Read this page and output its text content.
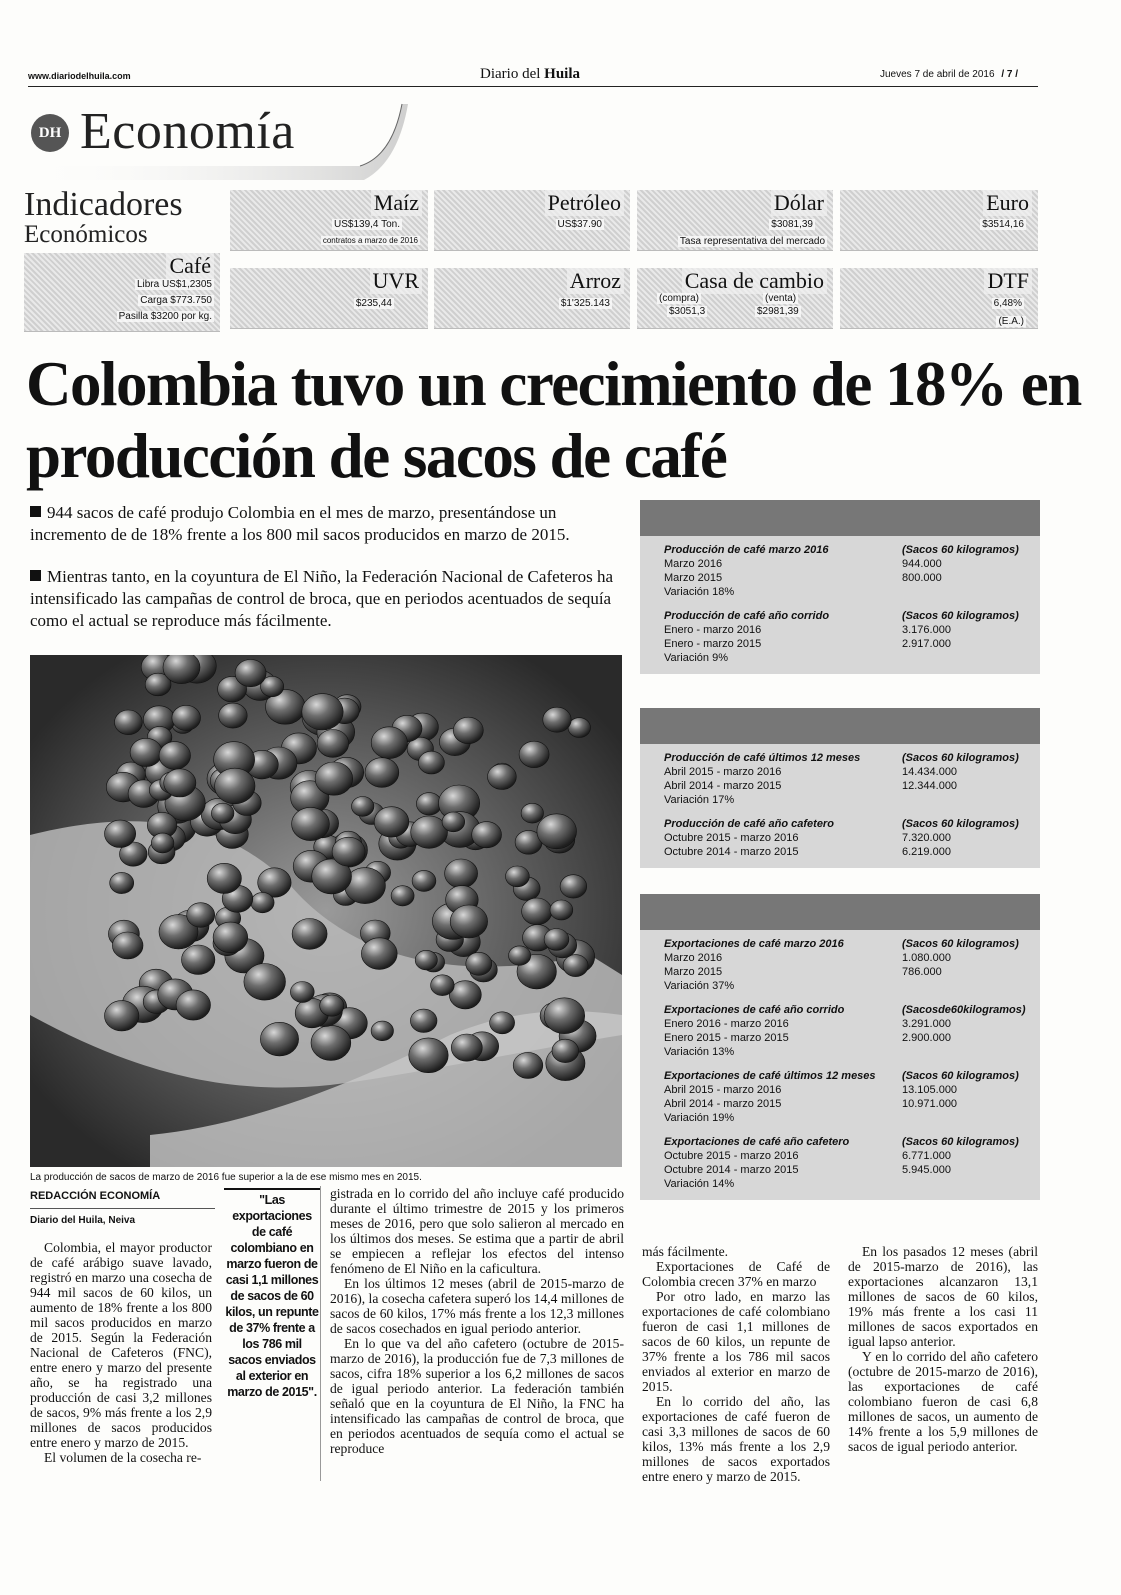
www.diariodelhuila.com	Diario del Huila	Jueves 7 de abril de 2016 / 7 /
DH Economía
Indicadores
Económicos
Café
Libra US$1,2305
Carga $773.750
Pasilla $3200 por kg.
Maíz
US$139,4 Ton.
contratos a marzo de 2016
Petróleo
US$37.90
Dólar
$3081,39
Tasa representativa del mercado
Euro
$3514,16
UVR
$235,44
Arroz
$1'325.143
Casa de cambio
(compra)
$3051,3
(venta)
$2981,39
DTF
6,48%
(E.A.)
Colombia tuvo un crecimiento de 18% en producción de sacos de café
944 sacos de café produjo Colombia en el mes de marzo, presentándose un incremento de de 18% frente a los 800 mil sacos producidos en marzo de 2015.
Mientras tanto, en la coyuntura de El Niño, la Federación Nacional de Cafeteros ha intensificado las campañas de control de broca, que en periodos acentuados de sequía como el actual se reproduce más fácilmente.
La producción de sacos de marzo de 2016 fue superior a la de ese mismo mes en 2015.
Producción de café marzo 2016	(Sacos 60 kilogramos)
Marzo 2016	944.000
Marzo 2015	800.000
Variación 18%
Producción de café año corrido	(Sacos 60 kilogramos)
Enero - marzo 2016	3.176.000
Enero - marzo 2015	2.917.000
Variación 9%
Producción de café últimos 12 meses	(Sacos 60 kilogramos)
Abril 2015 - marzo 2016	14.434.000
Abril 2014 - marzo 2015	12.344.000
Variación 17%
Producción de café año cafetero	(Sacos 60 kilogramos)
Octubre 2015 - marzo 2016	7.320.000
Octubre 2014 - marzo 2015	6.219.000
Exportaciones de café marzo 2016	(Sacos 60 kilogramos)
Marzo 2016	1.080.000
Marzo 2015	786.000
Variación 37%
Exportaciones de café año corrido	(Sacosde60kilogramos)
Enero 2016 - marzo 2016	3.291.000
Enero 2015 - marzo 2015	2.900.000
Variación 13%
Exportaciones de café últimos 12 meses (Sacos 60 kilogramos)
Abril 2015 - marzo 2016	13.105.000
Abril 2014 - marzo 2015	10.971.000
Variación 19%
Exportaciones de café año cafetero	(Sacos 60 kilogramos)
Octubre 2015 - marzo 2016	6.771.000
Octubre 2014 - marzo 2015	5.945.000
Variación 14%
REDACCIÓN ECONOMÍA
Diario del Huila, Neiva
Colombia, el mayor productor de café arábigo suave lavado, registró en marzo una cosecha de 944 mil sacos de 60 kilos, un aumento de 18% frente a los 800 mil sacos producidos en marzo de 2015. Según la Federación Nacional de Cafeteros (FNC), entre enero y marzo del presente año, se ha registrado una producción de casi 3,2 millones de sacos, 9% más frente a los 2,9 millones de sacos producidos entre enero y marzo de 2015.
El volumen de la cosecha re-
"Las exportaciones de café colombiano en marzo fueron de casi 1,1 millones de sacos de 60 kilos, un repunte de 37% frente a los 786 mil sacos enviados al exterior en marzo de 2015".
gistrada en lo corrido del año incluye café producido durante el último trimestre de 2015 y los primeros meses de 2016, pero que solo salieron al mercado en los últimos dos meses. Se estima que a partir de abril se empiecen a reflejar los efectos del intenso fenómeno de El Niño en la caficultura.
En los últimos 12 meses (abril de 2015-marzo de 2016), la cosecha cafetera superó los 14,4 millones de sacos de 60 kilos, 17% más frente a los 12,3 millones de sacos cosechados en igual periodo anterior.
En lo que va del año cafetero (octubre de 2015-marzo de 2016), la producción fue de 7,3 millones de sacos, cifra 18% superior a los 6,2 millones de sacos de igual periodo anterior. La federación también señaló que en la coyuntura de El Niño, la FNC ha intensificado las campañas de control de broca, que en periodos acentuados de sequía como el actual se reproduce
más fácilmente.
Exportaciones de Café de Colombia crecen 37% en marzo
Por otro lado, en marzo las exportaciones de café colombiano fueron de casi 1,1 millones de sacos de 60 kilos, un repunte de 37% frente a los 786 mil sacos enviados al exterior en marzo de 2015.
En lo corrido del año, las exportaciones de café fueron de casi 3,3 millones de sacos de 60 kilos, 13% más frente a los 2,9 millones de sacos exportados entre enero y marzo de 2015.
En los pasados 12 meses (abril de 2015-marzo de 2016), las exportaciones alcanzaron 13,1 millones de sacos de 60 kilos, 19% más frente a los casi 11 millones de sacos exportados en igual lapso anterior.
Y en lo corrido del año cafetero (octubre de 2015-marzo de 2016), las exportaciones de café colombiano fueron de casi 6,8 millones de sacos, un aumento de 14% frente a los 5,9 millones de sacos de igual periodo anterior.
